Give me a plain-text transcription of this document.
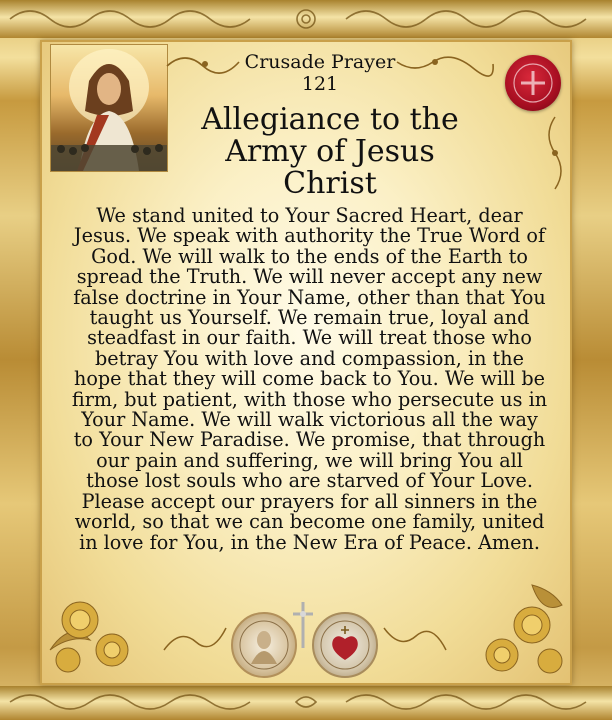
Crusade Prayer
121
Allegiance to the
Army of Jesus
Christ
We stand united to Your Sacred Heart, dear
Jesus. We speak with authority the True Word of
God. We will walk to the ends of the Earth to
spread the Truth. We will never accept any new
false doctrine in Your Name, other than that You
taught us Yourself. We remain true, loyal and
steadfast in our faith. We will treat those who
betray You with love and compassion, in the
hope that they will come back to You. We will be
firm, but patient, with those who persecute us in
Your Name. We will walk victorious all the way
to Your New Paradise. We promise, that through
our pain and suffering, we will bring You all
those lost souls who are starved of Your Love.
Please accept our prayers for all sinners in the
world, so that we can become one family, united
in love for You, in the New Era of Peace. Amen.
